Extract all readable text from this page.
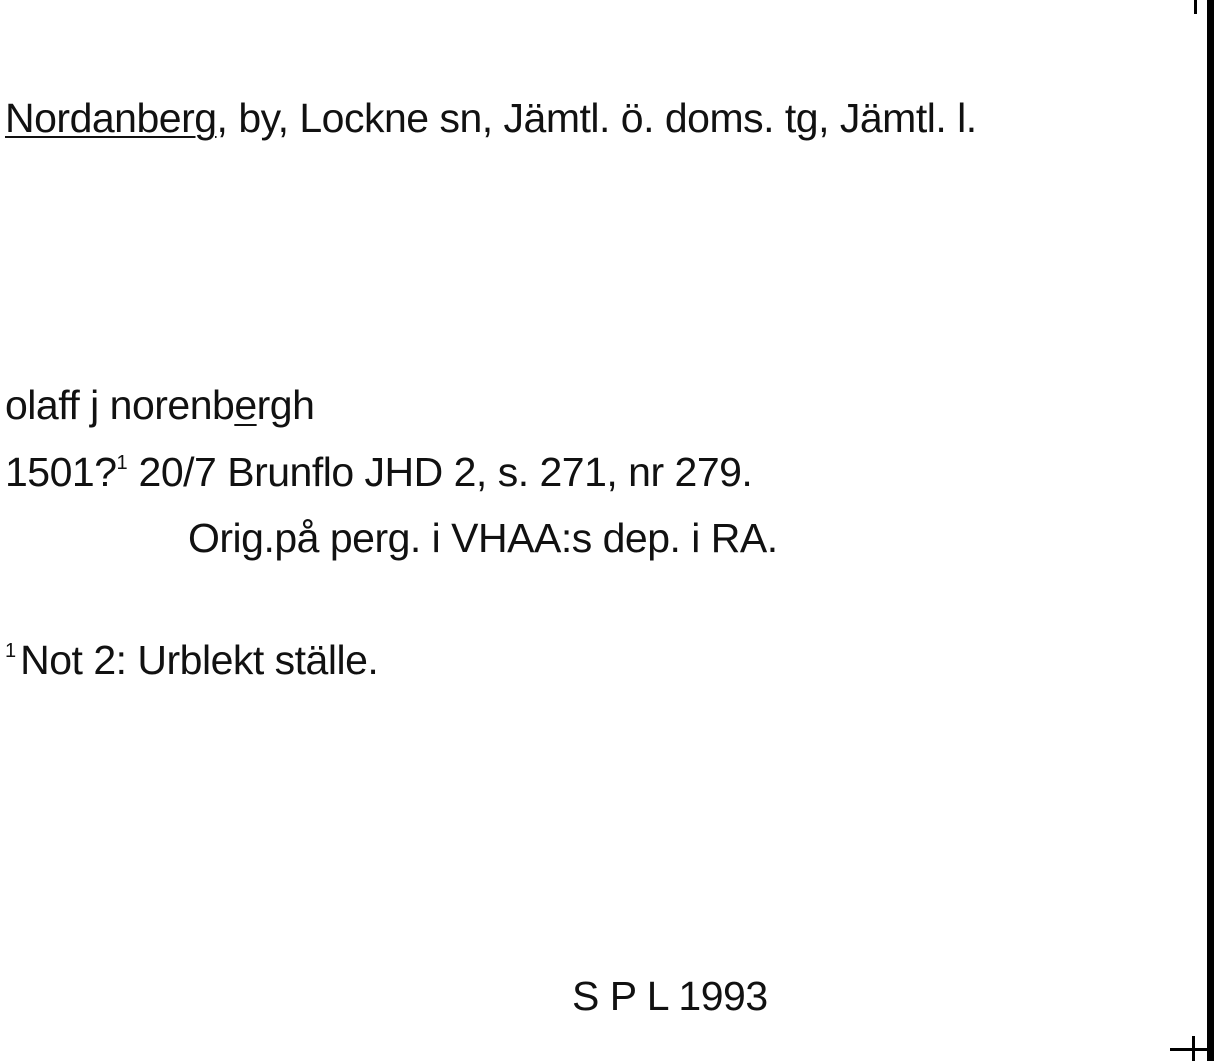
Nordanberg, by, Lockne sn, Jämtl. ö. doms. tg, Jämtl. l.
olaff j norenbergh
1501?$^1$ 20/7 Brunflo JHD 2, s. 271, nr 279.
Orig.på perg. i VHAA:s dep. i RA.
$^1$Not 2: Urblekt ställe.
S P L 1993
